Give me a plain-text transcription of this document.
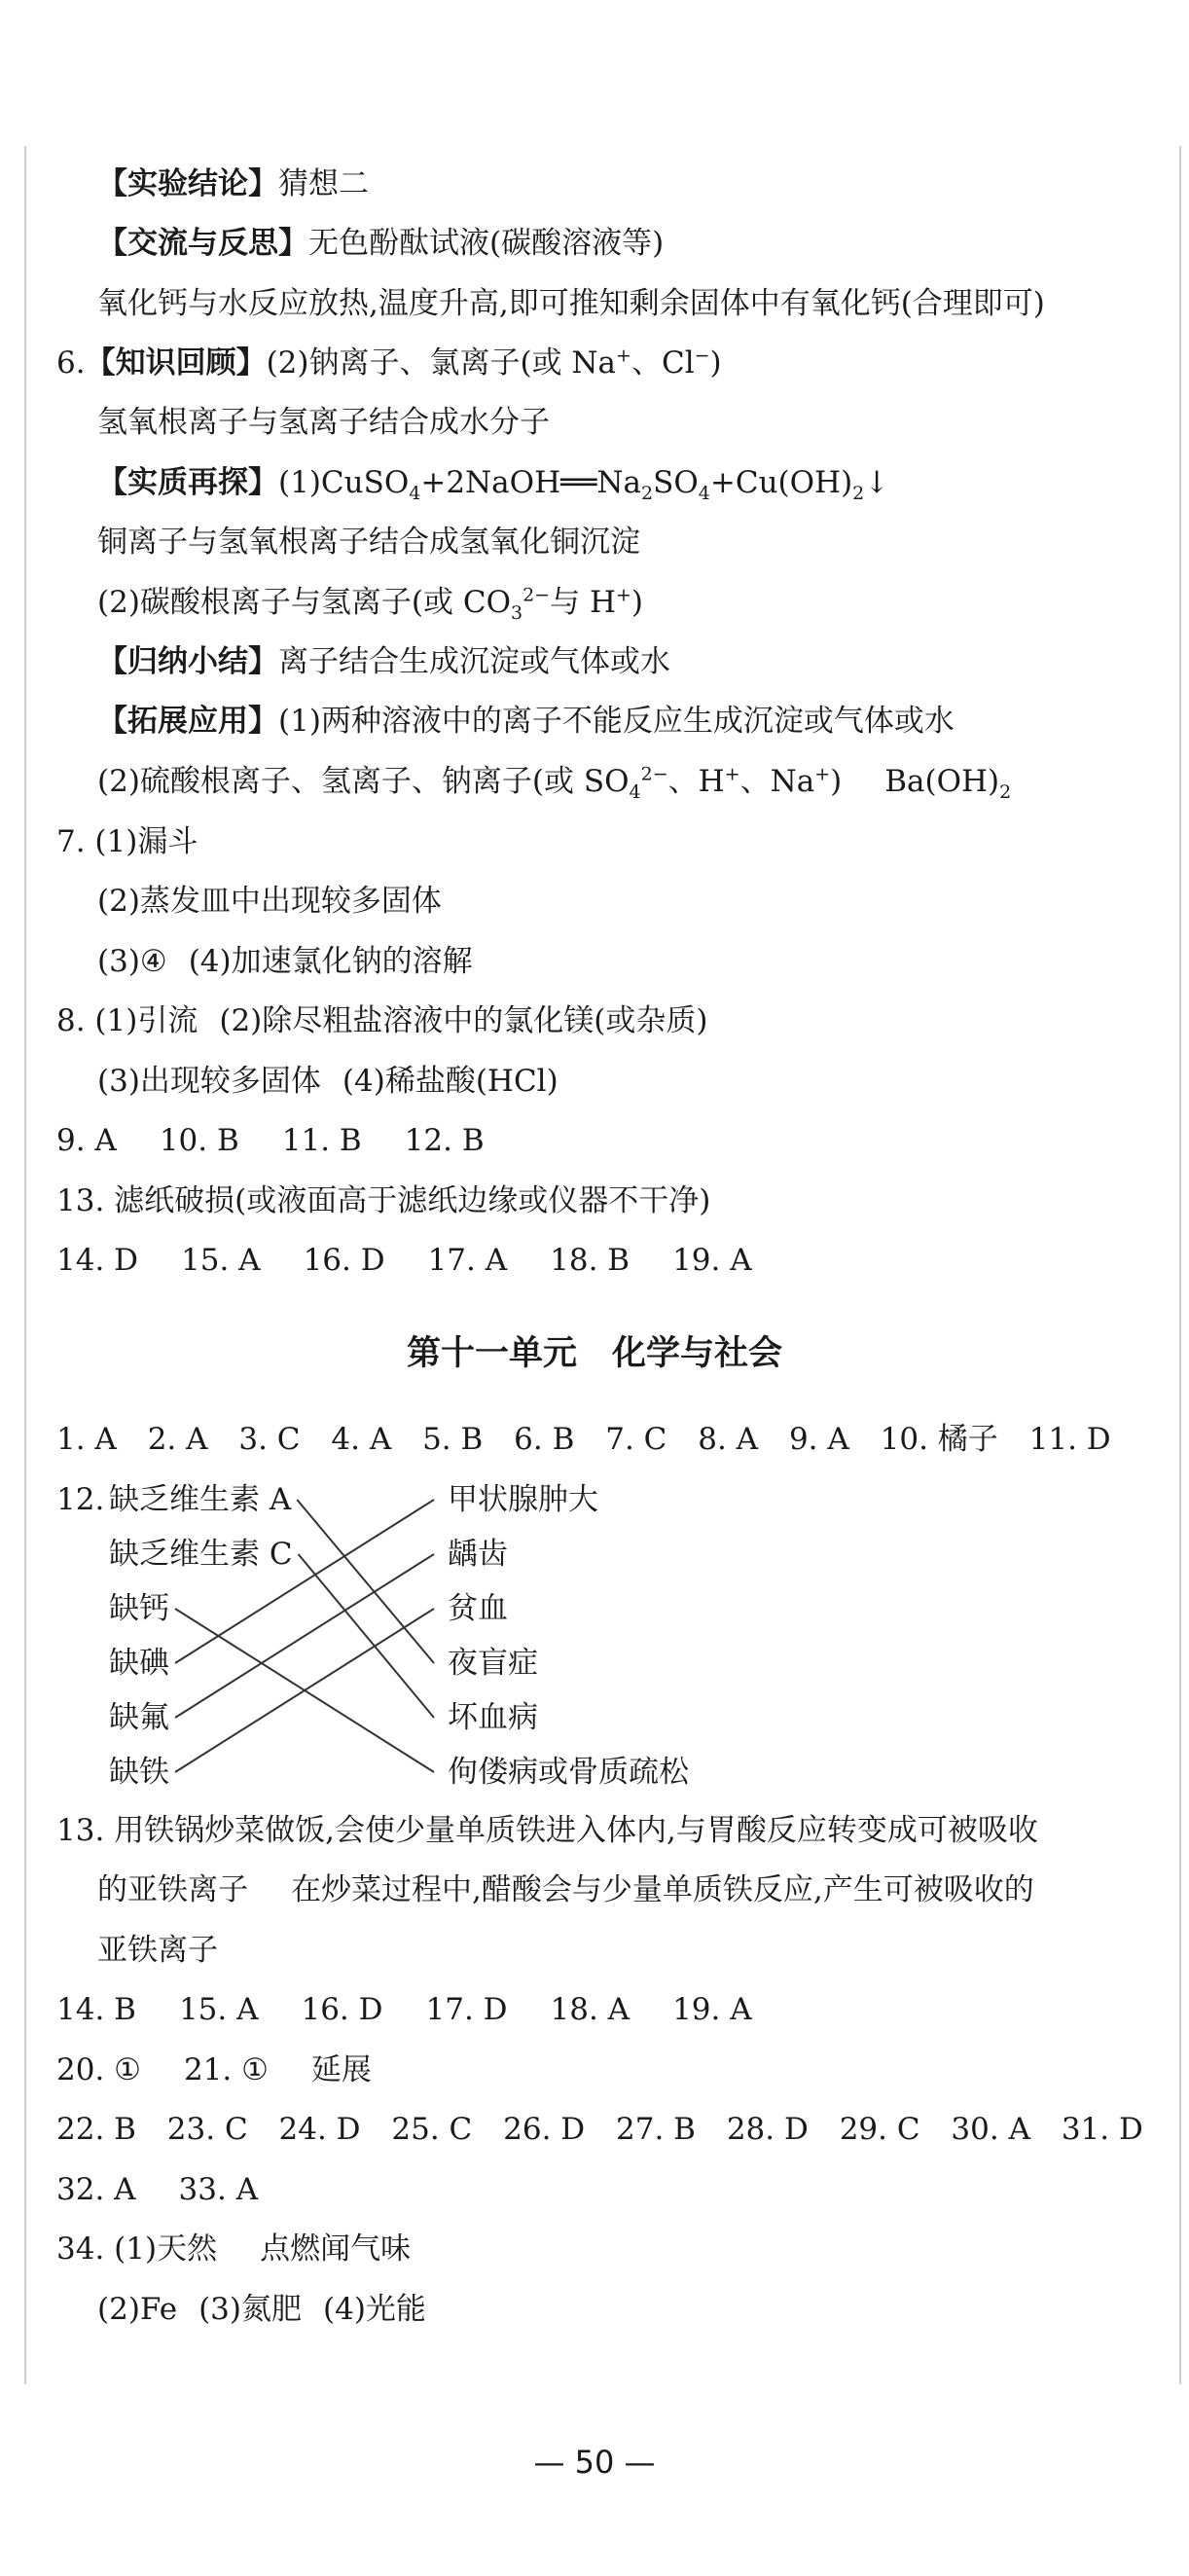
【实验结论】猜想二
【交流与反思】无色酚酞试液(碳酸溶液等)
氧化钙与水反应放热,温度升高,即可推知剩余固体中有氧化钙(合理即可)
6.【知识回顾】(2)钠离子、氯离子(或 Na+、Cl−)
氢氧根离子与氢离子结合成水分子
【实质再探】$(1)CuSO_4+2NaOH══Na_2SO_4+Cu(OH)_2↓$
铜离子与氢氧根离子结合成氢氧化铜沉淀
(2)碳酸根离子与氢离子(或 $CO_3^{2-}$与 H+)
【归纳小结】离子结合生成沉淀或气体或水
【拓展应用】(1)两种溶液中的离子不能反应生成沉淀或气体或水
(2)硫酸根离子、氢离子、钠离子(或 $SO_4^{2-}$、H+、Na+) $Ba(OH)_2$
7. (1)漏斗
(2)蒸发皿中出现较多固体
(3)④ (4)加速氯化钠的溶解
8. (1)引流 (2)除尽粗盐溶液中的氯化镁(或杂质)
(3)出现较多固体 (4)稀盐酸(HCl)
9. A 10. B 11. B 12. B
13. 滤纸破损(或液面高于滤纸边缘或仪器不干净)
14. D 15. A 16. D 17. A 18. B 19. A
第十一单元 化学与社会
1. A 2. A 3. C 4. A 5. B 6. B 7. C 8. A 9. A 10. 橘子 11. D
12. 缺乏维生素 A
缺乏维生素 C
缺钙
缺碘
缺氟
缺铁
甲状腺肿大
龋齿
贫血
夜盲症
坏血病
佝偻病或骨质疏松
13. 用铁锅炒菜做饭,会使少量单质铁进入体内,与胃酸反应转变成可被吸收
的亚铁离子 在炒菜过程中,醋酸会与少量单质铁反应,产生可被吸收的
亚铁离子
14. B 15. A 16. D 17. D 18. A 19. A
20. ① 21. ① 延展
22. B 23. C 24. D 25. C 26. D 27. B 28. D 29. C 30. A 31. D
32. A 33. A
34. (1)天然 点燃闻气味
(2)Fe (3)氮肥 (4)光能
— 50 —
